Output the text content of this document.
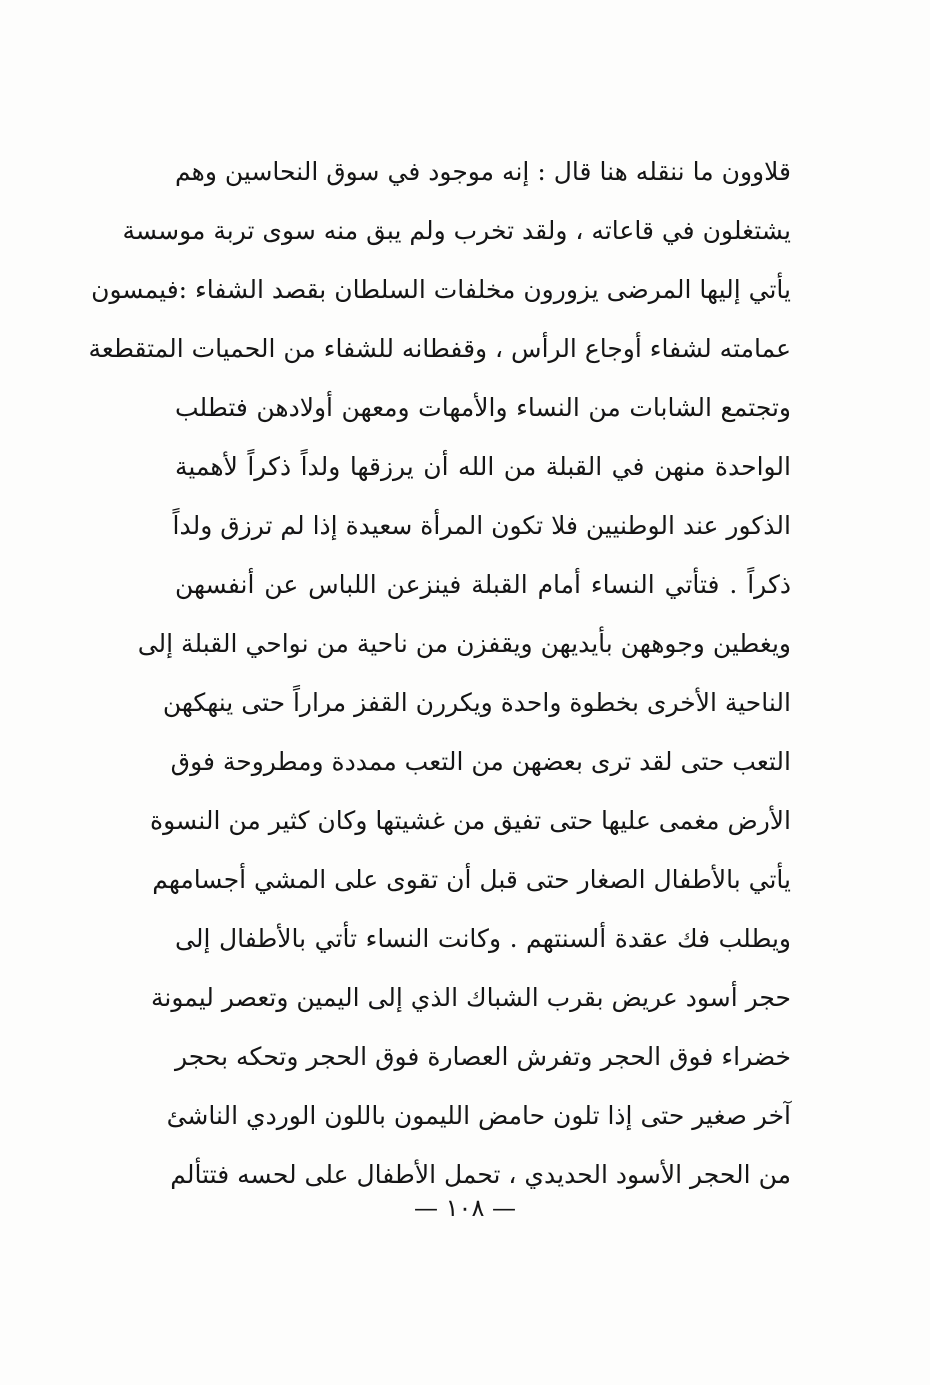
قلاوون ما ننقله هنا قال : إنه موجود في سوق النحاسين وهم
يشتغلون في قاعاته ، ولقد تخرب ولم يبق منه سوى تربة موسسة
يأتي إليها المرضى يزورون مخلفات السلطان بقصد الشفاء :فيمسون
عمامته لشفاء أوجاع الرأس ، وقفطانه للشفاء من الحميات المتقطعة
وتجتمع الشابات من النساء والأمهات ومعهن أولادهن فتطلب
الواحدة منهن في القبلة من الله أن يرزقها ولداً ذكراً لأهمية
الذكور عند الوطنيين فلا تكون المرأة سعيدة إذا لم ترزق ولداً
ذكراً . فتأتي النساء أمام القبلة فينزعن اللباس عن أنفسهن
ويغطين وجوههن بأيديهن ويقفزن من ناحية من نواحي القبلة إلى
الناحية الأخرى بخطوة واحدة ويكررن القفز مراراً حتى ينهكهن
التعب حتى لقد ترى بعضهن من التعب ممددة ومطروحة فوق
الأرض مغمى عليها حتى تفيق من غشيتها وكان كثير من النسوة
يأتي بالأطفال الصغار حتى قبل أن تقوى على المشي أجسامهم
ويطلب فك عقدة ألسنتهم . وكانت النساء تأتي بالأطفال إلى
حجر أسود عريض بقرب الشباك الذي إلى اليمين وتعصر ليمونة
خضراء فوق الحجر وتفرش العصارة فوق الحجر وتحكه بحجر
آخر صغير حتى إذا تلون حامض الليمون باللون الوردي الناشئ
من الحجر الأسود الحديدي ، تحمل الأطفال على لحسه فتتألم
— ١٠٨ —
